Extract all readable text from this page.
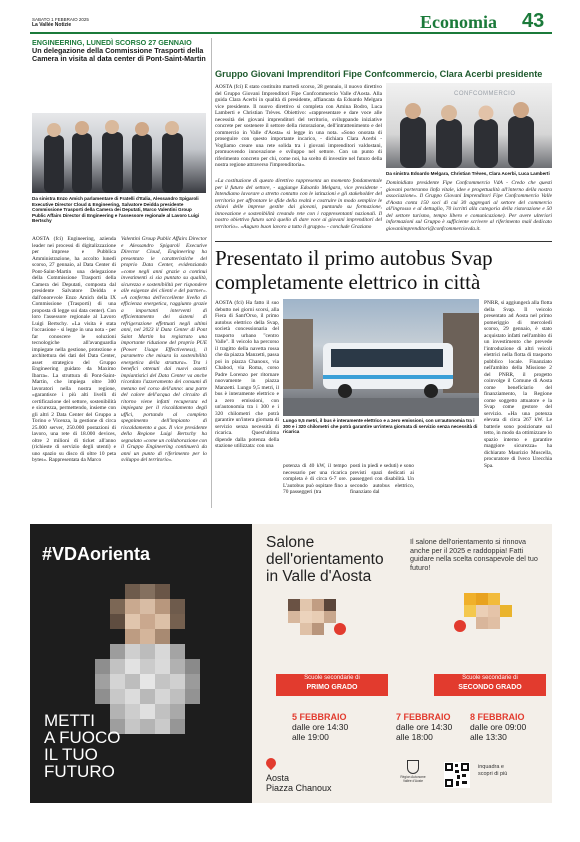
SABATO 1 FEBBRAIO 2025
La Vallée Notizie	Economia 43
ENGINEERING, LUNEDÌ SCORSO 27 GENNAIO
Un delegazione della Commissione Trasporti della Camera in visita al data center di Pont-Saint-Martin
Da sinistra Enzo Amich parlamentare di Fratelli d'Italia, Alessandro Spigaroli Executive Director Cloud & Engineering, Salvatore Deidda presidente Commissione Trasporti della Camera dei Deputati, Marco Valentini Group Public Affairs Director di Engineering e l'assessore regionale al Lavoro Luigi Bertschy
AOSTA (fci) Engineering, azienda leader nei processi di digitalizzazione per imprese e Pubblica Amministrazione, ha accolto lunedì scorso, 27 gennaio, al Data Center di Pont-Saint-Martin una delegazione della Commissione Trasporti della Camera dei Deputati, composta dal presidente Salvatore Deidda e dall'onorevole Enzo Amich della IX Commissione (Trasporti) di una proposta di legge sui data center). Con loro l'assessore regionale al Lavoro Luigi Bertschy. «La visita è stata l'occasione - si legge in una nota - per far conoscere le soluzioni tecnologiche all'avanguardia impiegate nella gestione, protezione e architettura dei dati del Data Center, asset strategico del Gruppo Engineering guidato da Maximo Ibarra». La struttura di Pont-Saint-Martin, che impiega oltre 300 lavoratori nella nostra regione, «garantisce i più alti livelli di certificazione del settore, sostenibilità e sicurezza, permettendo, insieme con gli altri 2 Data Center del Gruppo a Torino e Vicenza, la gestione di circa 25.000 server, 250.000 postazioni di lavoro, una rete di 18.000 devices, oltre 2 milioni di ticket all'anno (richieste di servizio degli utenti) e uno spazio su disco di oltre 10 peta bytes». Rappresentata da Marco
Valentini Group Public Affairs Director e Alessandro Spigaroli Executive Director Cloud, Engineering ha presentato le caratteristiche del proprio Data Center, evidenziando «come negli anni grazie a continui investimenti si sia puntato su qualità, sicurezza e sostenibilità per rispondere alle esigenze dei clienti e del partner». «A conferma dell'eccellente livello di efficienza energetica, raggiunto grazie a importanti interventi di efficientamento dei sistemi di refrigerazione effettuati negli ultimi anni, nel 2023 il Data Center di Pont Saint Martin ha registrato una importante riduzione del proprio PUE (Power Usage Effectiveness), il parametro che misura la sostenibilità energetica della struttura». Tra i benefici ottenuti dai nuovi assetti impiantistici del Data Center va anche ricordato l'azzeramento dei consumi di metano nel corso dell'anno: una parte del calore dell'acqua del circuito di ritorno viene infatti recuperata ed impiegata per il riscaldamento degli uffici, portando al completo spegnimento dell'impianto di riscaldamento a gas. Il vice presidente della Regione Luigi Bertschy ha segnalato «come un collaborazione con il Gruppo Engineering continuerà da anni un punto di riferimento per lo sviluppo del territorio».
Gruppo Giovani Imprenditori Fipe Confcommercio, Clara Acerbi presidente
AOSTA (fci) È stato costituito martedì scorso, 28 gennaio, il nuovo direttivo del Gruppo Giovani Imprenditori Fipe Confcommercio Valle d'Aosta. Alla guida Clara Acerbi in qualità di presidente, affiancata da Edoardo Melgara vice presidente. Il nuovo direttivo si completa con Amina Bodro, Luca Lamberti e Christian Trèves. Obiettivo: «rappresentare e dare voce alle necessità dei giovani imprenditori del territorio, sviluppando iniziative concrete per sostenere il settore della ristorazione, dell'intrattenimento e del commercio in Valle d'Aosta» si legge in una nota. «Sono onorata di proseguire con questo importante incarico, - dichiara Clara Acerbi - Vogliamo creare una rete solida tra i giovani imprenditori valdostani, promuovendo innovazione e sviluppo nel settore. Con un punto di riferimento concreto per chi, come noi, ha scelto di investire nel futuro della nostra regione attraverso l'imprenditoria».
«La costituzione di questo direttivo rappresenta un momento fondamentale per il futuro del settore, - aggiunge Edoardo Melgara, vice presidente - Intendiamo lavorare a stretto contatto con le istituzioni e gli stakeholder del territorio per affrontare le sfide della realtà e costruire in modo semplice le chiavi delle imprese gestite dai giovani, puntando su formazione, innovazione e sostenibilità creando rete con i rappresentanti nazionali. Il nostro obiettivo futuro sarà quello di dare voce ai giovani imprenditori del territorio». «Auguro buon lavoro a tutto il gruppo» - conclude Graziano
CONFCOMMERCIO
Da sinistra Edoardo Melgara, Christian Trèves, Clara Acerbi, Luca Lamberti
Dominidiato presidente Fipe Confcommercio VdA - Credo che questi giovani porteranno linfa vitale, idee e progettualità all'interno della nostra associazione». Il Gruppo Giovani Imprenditori Fipe Confcommercio Valle d'Aosta conta 150 soci di cui 30 aggregati al settore del commercio all'ingrosso e al dettaglio, 70 iscritti alla categoria della ristorazione e 50 del settore turismo, tempo libero e comunicazione). Per avere ulteriori informazioni sul Gruppo è sufficiente scrivere al riferimento mail dedicato giovaniimprenditori@confcommerciovda.it.
Presentato il primo autobus Svap completamente elettrico in città
AOSTA (fci) Ha fatto il suo debutto nei giorni scorsi, alla Fiera di Sant'Orso, il primo autobus elettrico della Svap, società concessionaria del trasporto urbano "centro Valle". Il veicolo ha percorso il tragitto della navetta rossa che da piazza Manzetti, passa poi in piazza Chanoux, via Chabod, via Roma, corso Padre Lorenzo per ritornare nuovamente in piazza Manzetti. Lungo 9,5 metri, il bus è interamente elettrico e a zero emissioni, con un'autonomia tra i 300 e i 320 chilometri che potrà garantire un'intera giornata di servizio senza necessità di ricarica. Quest'ultima dipende dalla potenza della stazione utilizzata: con una
Lungo 9,5 metri, il bus è interamente elettrico e a zero emissioni, con un'autonomia tra i 300 e i 320 chilometri che potrà garantire un'intera giornata di servizio senza necessità di ricarica
potenza di 40 kW, il tempo necessario per una ricarica completa è di circa 6-7 ore. L'autobus può ospitare fino a 70 passeggeri (tra
posti in piedi e seduti) e sono previsti spazi dedicati ai passeggeri con disabilità. Un secondo autobus elettrico, finanziato dal
PNRR, si aggiungerà alla flotta della Svap. Il veicolo presentato ad Aosta nel primo pomeriggio di mercoledì scorso, 29 gennaio, è stato acquistato infatti nell'ambito di un investimento che prevede l'introduzione di altri veicoli elettrici nella flotta di trasporto pubblico locale. Finanziato nell'ambito della Missione 2 del PNRR, il progetto coinvolge il Comune di Aosta come beneficiario del finanziamento, la Regione come soggetto attuatore e la Svap come gestore del servizio. «Ha una potenza elevata di circa 267 kW. Le batterie sono posizionate sul tetto, in modo da ottimizzare lo spazio interno e garantire maggiore sicurezza» ha dichiarato Maurizio Muscella, procuratore di Iveco Urecchia Spa.
#VDAorienta
METTI
A FUOCO
IL TUO
FUTURO
Salone
dell'orientamento
in Valle d'Aosta
Il salone dell'orientamento si rinnova anche per il 2025 e raddoppia! Fatti guidare nella scelta consapevole del tuo futuro!
Scuole secondarie di
PRIMO GRADO
Scuole secondarie di
SECONDO GRADO
5 FEBBRAIO
dalle ore 14:30
alle 19:00
7 FEBBRAIO
dalle ore 14:30
alle 18:00
8 FEBBRAIO
dalle ore 09:00
alle 13:30
Aosta
Piazza Chanoux
Région Autonome Vallée d'Aoste
inquadra e scopri di più
